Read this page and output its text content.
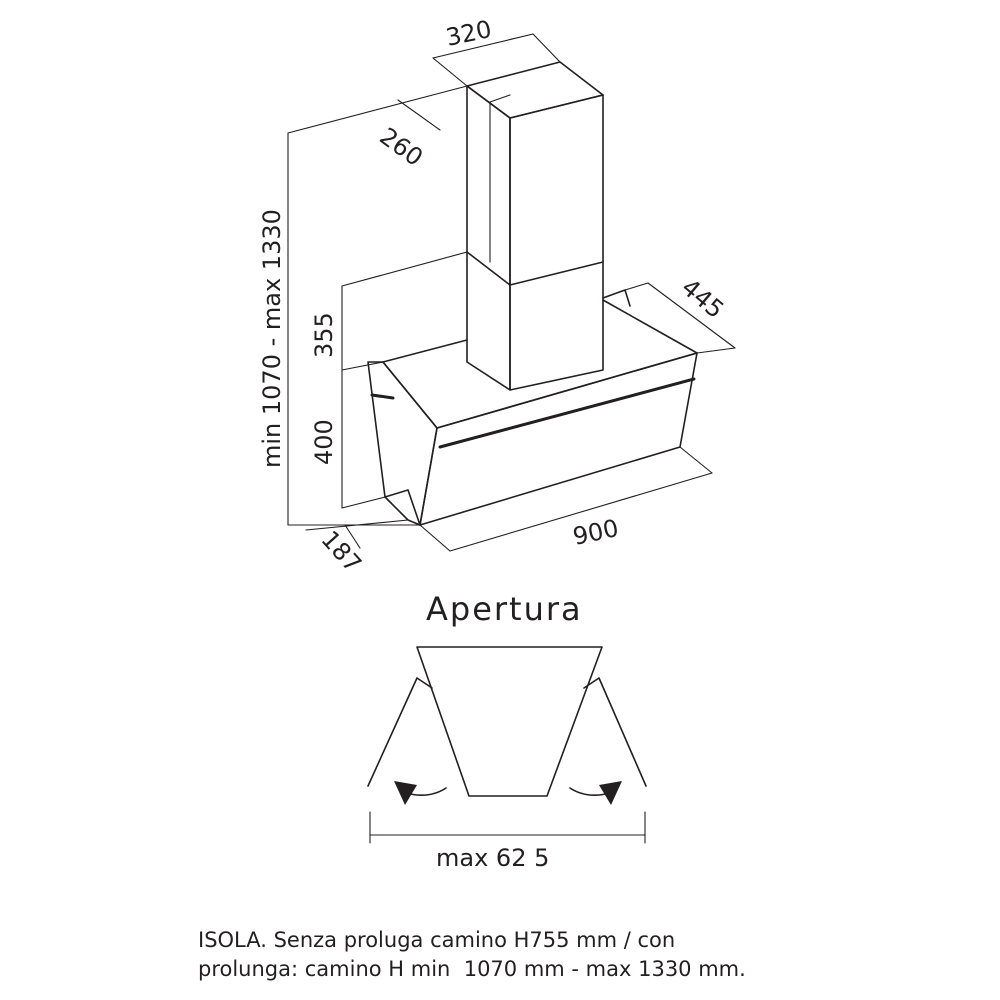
320
260
min 1070 - max 1330 355
400
445
187	900
Apertura
max 62 5
ISOLA. Senza proluga camino H755 mm / con
prolunga: camino H min  1070 mm - max 1330 mm.
